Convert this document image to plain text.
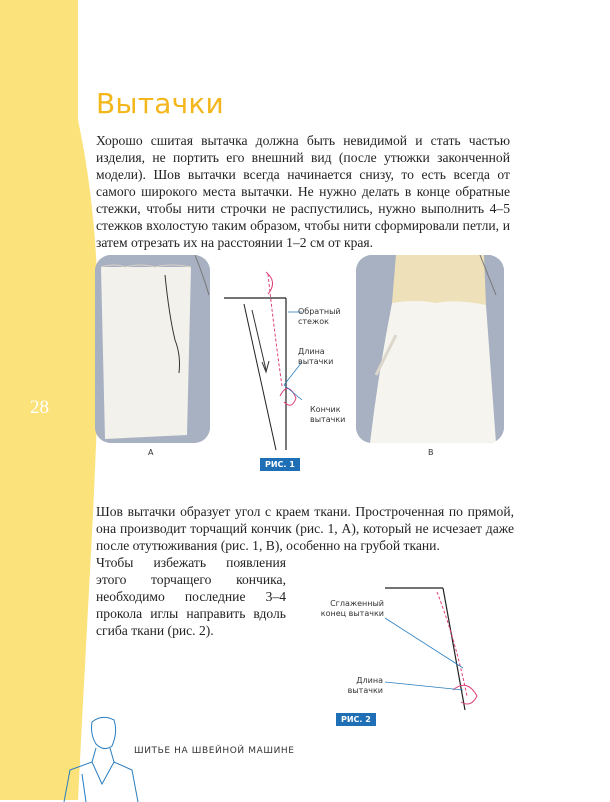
28
Вытачки

Хорошо сшитая вытачка должна быть невидимой и стать частью изделия, не портить его внешний вид (после утюжки законченной модели). Шов вытачки всегда начинается снизу, то есть всегда от самого широкого места вытачки. Не нужно делать в конце обратные стежки, чтобы нити строчки не распустились, нужно выполнить 4–5 стежков вхолостую таким образом, чтобы нити сформировали петли, и затем отрезать их на расстоянии 1–2 см от края.

A
Обратный стежок
Длина вытачки
Кончик вытачки
РИС. 1
B

Шов вытачки образует угол с краем ткани. Простроченная по прямой, она производит торчащий кончик (рис. 1, A), который не исчезает даже после отутюживания (рис. 1, B), особенно на грубой ткани.

Чтобы избежать появления этого торчащего кончика, необходимо последние 3–4 прокола иглы направить вдоль сгиба ткани (рис. 2).

Сглаженный конец вытачки
Длина вытачки
РИС. 2
ШИТЬЕ НА ШВЕЙНОЙ МАШИНЕ
